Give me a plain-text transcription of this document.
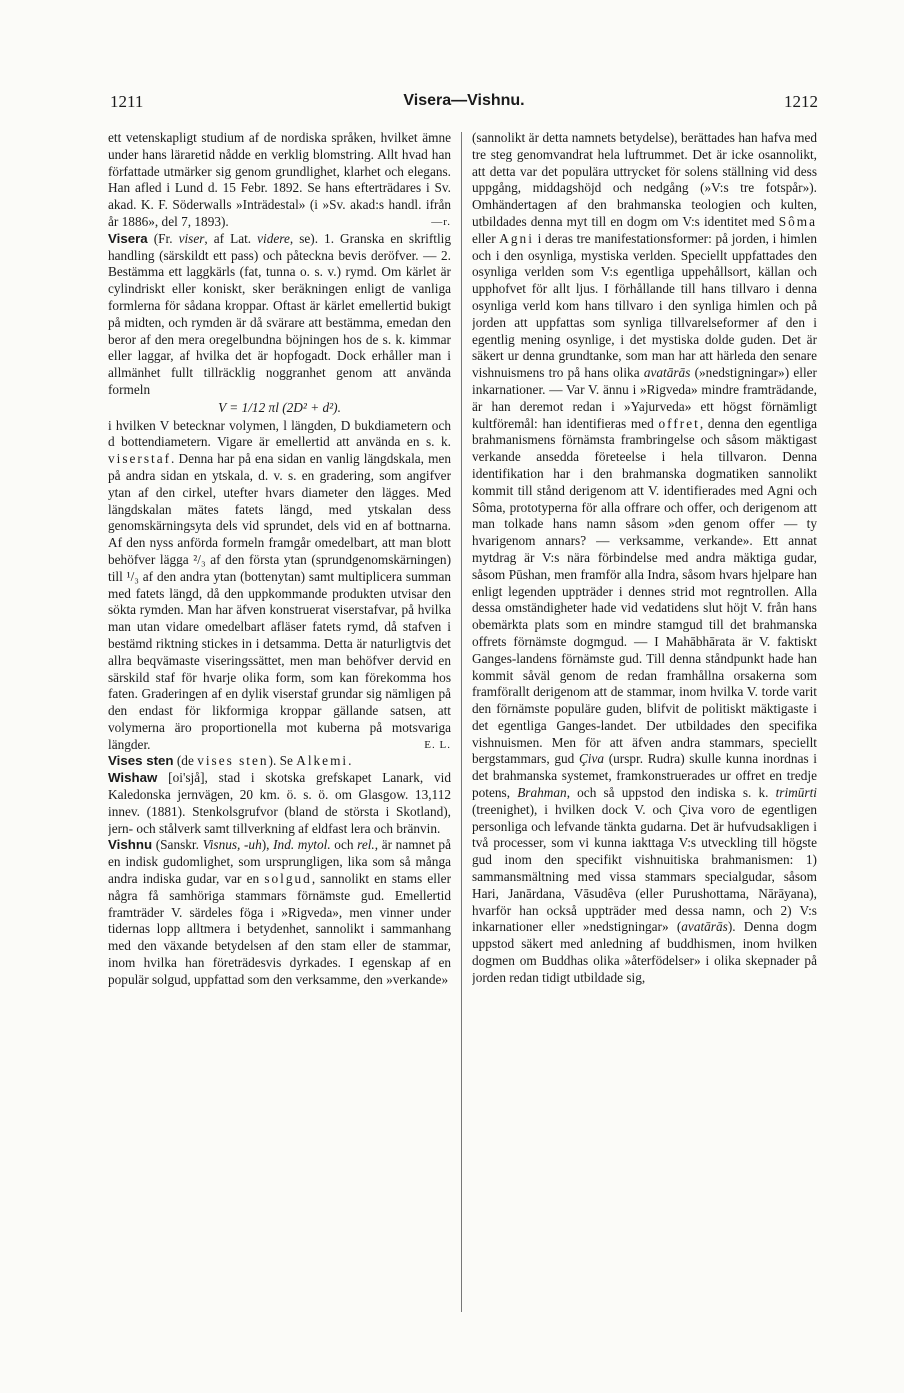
1211	Visera—Vishnu.	1212

ett vetenskapligt studium af de nordiska språken, hvilket ämne under hans läraretid nådde en verklig blomstring. Allt hvad han författade utmärker sig genom grundlighet, klarhet och elegans. Han afled i Lund d. 15 Febr. 1892. Se hans efterträdares i Sv. akad. K. F. Söderwalls »Inträdestal» (i »Sv. akad:s handl. ifrån år 1886», del 7, 1893).	—r.

Visera (Fr. viser, af Lat. videre, se). 1. Granska en skriftlig handling (särskildt ett pass) och påteckna bevis deröfver. — 2. Bestämma ett laggkärls (fat, tunna o. s. v.) rymd. Om kärlet är cylindriskt eller koniskt, sker beräkningen enligt de vanliga formlerna för sådana kroppar. Oftast är kärlet emellertid bukigt på midten, och rymden är då svärare att bestämma, emedan den beror af den mera oregelbundna böjningen hos de s. k. kimmar eller laggar, af hvilka det är hopfogadt. Dock erhåller man i allmänhet fullt tillräcklig noggranhet genom att använda formeln

V = 1/12 πl (2D² + d²).

i hvilken V betecknar volymen, l längden, D bukdiametern och d bottendiametern. Vigare är emellertid att använda en s. k. viserstaf. Denna har på ena sidan en vanlig längdskala, men på andra sidan en ytskala, d. v. s. en gradering, som angifver ytan af den cirkel, utefter hvars diameter den lägges. Med längdskalan mätes fatets längd, med ytskalan dess genomskärningsyta dels vid sprundet, dels vid en af bottnarna. Af den nyss anförda formeln framgår omedelbart, att man blott behöfver lägga ²/₃ af den första ytan (sprundgenomskärningen) till ¹/₃ af den andra ytan (bottenytan) samt multiplicera summan med fatets längd, då den uppkommande produkten utvisar den sökta rymden. Man har äfven konstruerat viserstafvar, på hvilka man utan vidare omedelbart afläser fatets rymd, då stafven i bestämd riktning stickes in i detsamma. Detta är naturligtvis det allra beqvämaste viseringssättet, men man behöfver dervid en särskild staf för hvarje olika form, som kan förekomma hos faten. Graderingen af en dylik viserstaf grundar sig nämligen på den endast för likformiga kroppar gällande satsen, att volymerna äro proportionella mot kuberna på motsvariga längder.	E. L.

Vises sten (de vises sten). Se Alkemi.

Wishaw [oi'sjå], stad i skotska grefskapet Lanark, vid Kaledonska jernvägen, 20 km. ö. s. ö. om Glasgow. 13,112 innev. (1881). Stenkolsgrufvor (bland de största i Skotland), jern- och stålverk samt tillverkning af eldfast lera och bränvin.

Vishnu (Sanskr. Visnus, -uh), Ind. mytol. och rel., är namnet på en indisk gudomlighet, som ursprungligen, lika som så många andra indiska gudar, var en solgud, sannolikt en stams eller några få samhöriga stammars förnämste gud. Emellertid framträder V. särdeles föga i »Rigveda», men vinner under tidernas lopp alltmera i betydenhet, sannolikt i sammanhang med den växande betydelsen af den stam eller de stammar, inom hvilka han företrädesvis dyrkades. I egenskap af en populär solgud, uppfattad som den verksamme, den »verkande»

(sannolikt är detta namnets betydelse), berättades han hafva med tre steg genomvandrat hela luftrummet. Det är icke osannolikt, att detta var det populära uttrycket för solens ställning vid dess uppgång, middagshöjd och nedgång (»V:s tre fotspår»). Omhändertagen af den brahmanska teologien och kulten, utbildades denna myt till en dogm om V:s identitet med Sôma eller Agni i deras tre manifestationsformer: på jorden, i himlen och i den osynliga, mystiska verlden. Speciellt uppfattades den osynliga verlden som V:s egentliga uppehållsort, källan och upphofvet för allt ljus. I förhållande till hans tillvaro i denna osynliga verld kom hans tillvaro i den synliga himlen och på jorden att uppfattas som synliga tillvarelseformer af den i egentlig mening osynlige, i det mystiska dolde guden. Det är säkert ur denna grundtanke, som man har att härleda den senare vishnuismens tro på hans olika avatārās (»nedstigningar») eller inkarnationer. — Var V. ännu i »Rigveda» mindre framträdande, är han deremot redan i »Yajurveda» ett högst förnämligt kultföremål: han identifieras med offret, denna den egentliga brahmanismens förnämsta frambringelse och såsom mäktigast verkande ansedda företeelse i hela tillvaron. Denna identifikation har i den brahmanska dogmatiken sannolikt kommit till stånd derigenom att V. identifierades med Agni och Sôma, prototyperna för alla offrare och offer, och derigenom att man tolkade hans namn såsom »den genom offer — ty hvarigenom annars? — verksamme, verkande». Ett annat mytdrag är V:s nära förbindelse med andra mäktiga gudar, såsom Pūshan, men framför alla Indra, såsom hvars hjelpare han enligt legenden uppträder i dennes strid mot regntrollen. Alla dessa omständigheter hade vid vedatidens slut höjt V. från hans obemärkta plats som en mindre stamgud till det brahmanska offrets förnämste dogmgud. — I Mahābhārata är V. faktiskt Ganges-landens förnämste gud. Till denna ståndpunkt hade han kommit såväl genom de redan framhållna orsakerna som framförallt derigenom att de stammar, inom hvilka V. torde varit den förnämste populäre guden, blifvit de politiskt mäktigaste i det egentliga Ganges-landet. Der utbildades den specifika vishnuismen. Men för att äfven andra stammars, speciellt bergstammars, gud Çiva (urspr. Rudra) skulle kunna inordnas i det brahmanska systemet, framkonstruerades ur offret en tredje potens, Brahman, och så uppstod den indiska s. k. trimūrti (treenighet), i hvilken dock V. och Çiva voro de egentligen personliga och lefvande tänkta gudarna. Det är hufvudsakligen i två processer, som vi kunna iakttaga V:s utveckling till högste gud inom den specifikt vishnuitiska brahmanismen: 1) sammansmältning med vissa stammars specialgudar, såsom Hari, Janārdana, Vāsudêva (eller Purushottama, Nārāyana), hvarför han också uppträder med dessa namn, och 2) V:s inkarnationer eller »nedstigningar» (avatārās). Denna dogm uppstod säkert med anledning af buddhismen, inom hvilken dogmen om Buddhas olika »återfödelser» i olika skepnader på jorden redan tidigt utbildade sig,
